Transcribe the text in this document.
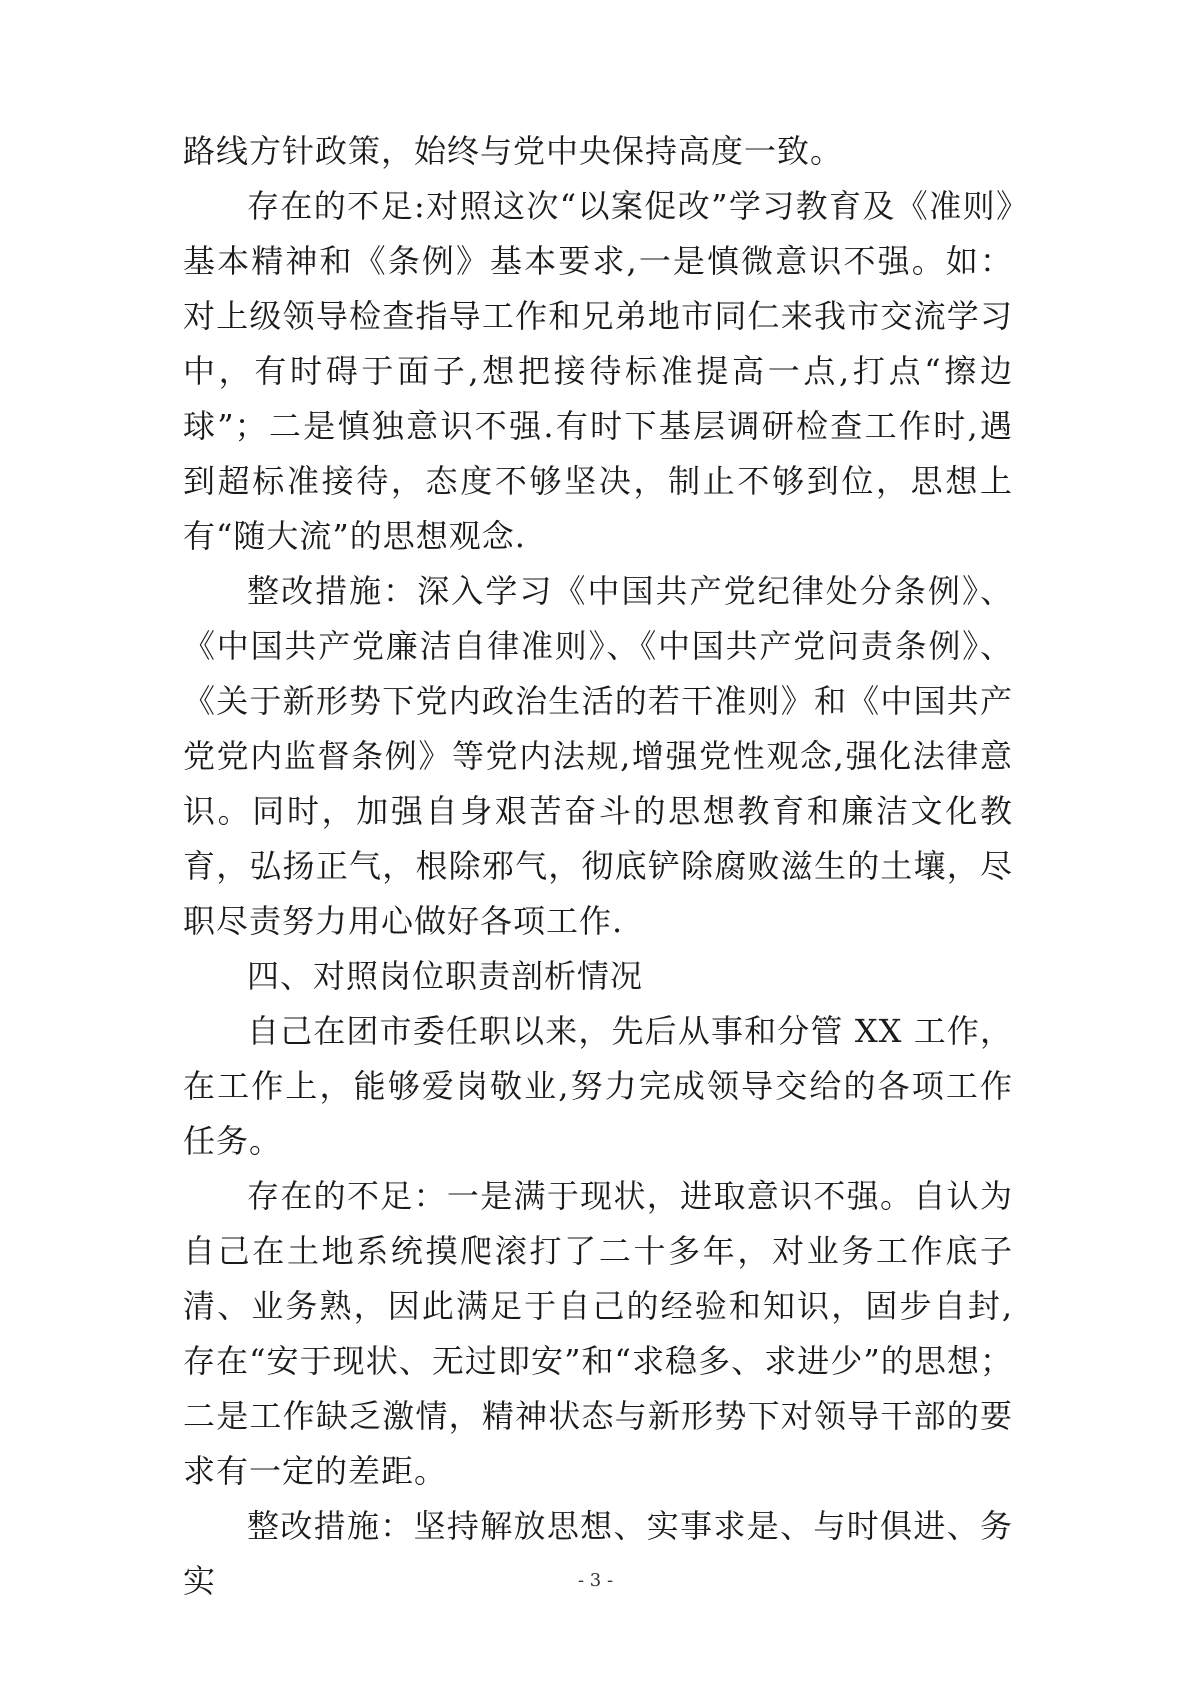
路线方针政策，始终与党中央保持高度一致。

存在的不足:对照这次“以案促改”学习教育及《准则》基本精神和《条例》基本要求,一是慎微意识不强。如：对上级领导检查指导工作和兄弟地市同仁来我市交流学习中，有时碍于面子,想把接待标准提高一点,打点“擦边球”；二是慎独意识不强.有时下基层调研检查工作时,遇到超标准接待，态度不够坚决，制止不够到位，思想上有“随大流”的思想观念.

整改措施：深入学习《中国共产党纪律处分条例》、《中国共产党廉洁自律准则》、《中国共产党问责条例》、《关于新形势下党内政治生活的若干准则》和《中国共产党党内监督条例》等党内法规,增强党性观念,强化法律意识。同时，加强自身艰苦奋斗的思想教育和廉洁文化教育，弘扬正气，根除邪气，彻底铲除腐败滋生的土壤，尽职尽责努力用心做好各项工作.

四、对照岗位职责剖析情况

自己在团市委任职以来，先后从事和分管 XX 工作，在工作上，能够爱岗敬业,努力完成领导交给的各项工作任务。

存在的不足：一是满于现状，进取意识不强。自认为自己在土地系统摸爬滚打了二十多年，对业务工作底子清、业务熟，因此满足于自己的经验和知识，固步自封,存在“安于现状、无过即安”和“求稳多、求进少”的思想；二是工作缺乏激情，精神状态与新形势下对领导干部的要求有一定的差距。

整改措施：坚持解放思想、实事求是、与时俱进、务实	- 3 -
